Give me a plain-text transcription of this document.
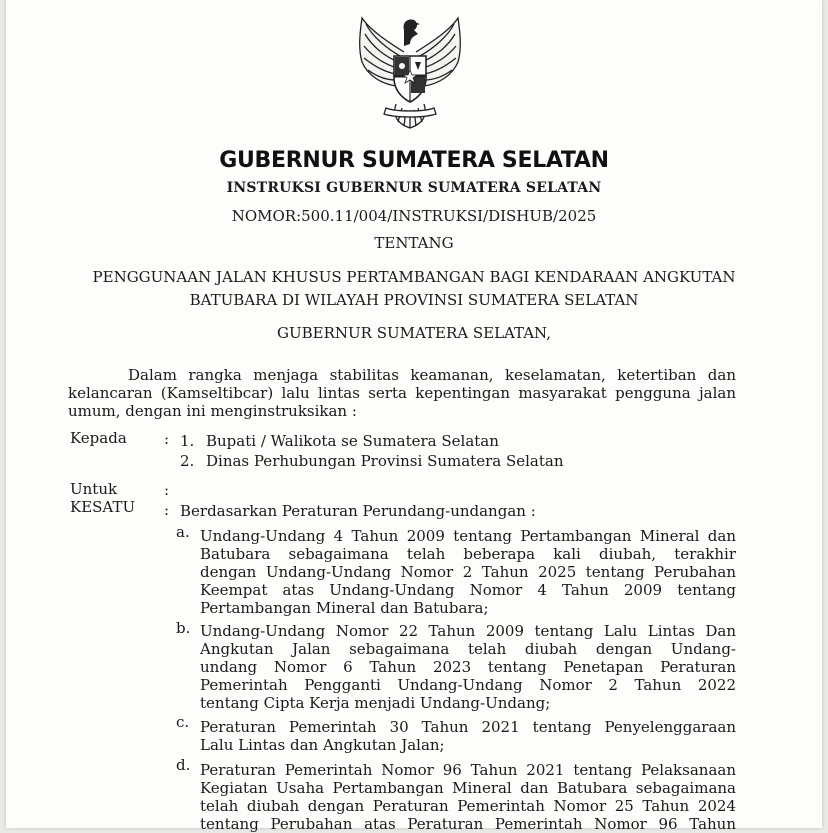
GUBERNUR SUMATERA SELATAN
INSTRUKSI GUBERNUR SUMATERA SELATAN
NOMOR:500.11/004/INSTRUKSI/DISHUB/2025
TENTANG
PENGGUNAAN JALAN KHUSUS PERTAMBANGAN BAGI KENDARAAN ANGKUTAN
BATUBARA DI WILAYAH PROVINSI SUMATERA SELATAN
GUBERNUR SUMATERA SELATAN,

Dalam rangka menjaga stabilitas keamanan, keselamatan, ketertiban dan

kelancaran (Kamseltibcar) lalu lintas serta kepentingan masyarakat pengguna jalan

umum, dengan ini menginstruksikan :

Kepada : 1. Bupati / Walikota se Sumatera Selatan
2. Dinas Perhubungan Provinsi Sumatera Selatan
Untuk	:
KESATU : Berdasarkan Peraturan Perundang-undangan :
a. Undang-Undang 4 Tahun 2009 tentang Pertambangan Mineral dan
Batubara sebagaimana telah beberapa kali diubah, terakhir
dengan Undang-Undang Nomor 2 Tahun 2025 tentang Perubahan
Keempat atas Undang-Undang Nomor 4 Tahun 2009 tentang
Pertambangan Mineral dan Batubara;
b. Undang-Undang Nomor 22 Tahun 2009 tentang Lalu Lintas Dan
Angkutan Jalan sebagaimana telah diubah dengan Undang-
undang Nomor 6 Tahun 2023 tentang Penetapan Peraturan
Pemerintah Pengganti Undang-Undang Nomor 2 Tahun 2022
tentang Cipta Kerja menjadi Undang-Undang;
c. Peraturan Pemerintah 30 Tahun 2021 tentang Penyelenggaraan
Lalu Lintas dan Angkutan Jalan;
d. Peraturan Pemerintah Nomor 96 Tahun 2021 tentang Pelaksanaan
Kegiatan Usaha Pertambangan Mineral dan Batubara sebagaimana
telah diubah dengan Peraturan Pemerintah Nomor 25 Tahun 2024
tentang Perubahan atas Peraturan Pemerintah Nomor 96 Tahun
